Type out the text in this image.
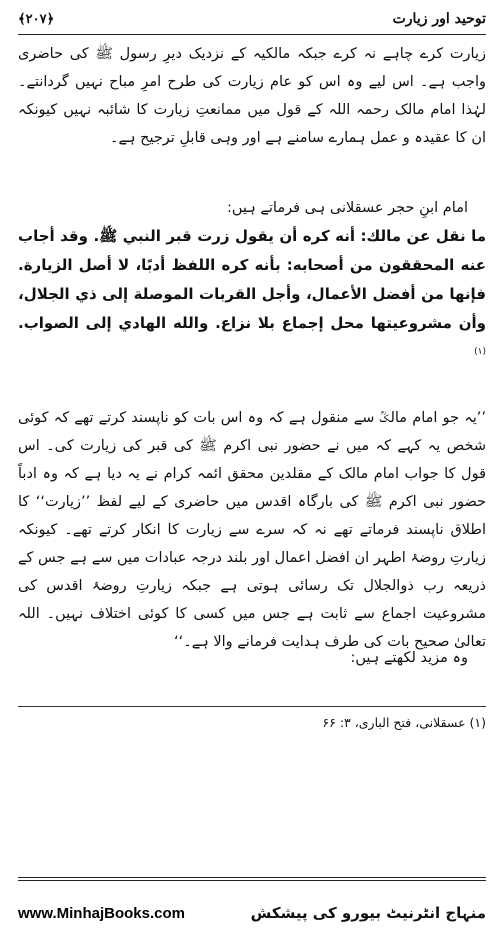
توحید اور زیارت
﴿۲۰۷﴾

زیارت کرے چاہے نہ کرے جبکہ مالکیہ کے نزدیک دیرِ رسول ﷺ کی حاضری واجب ہے۔ اس لیے وہ اس کو عام زیارت کی طرح امرِ مباح نہیں گردانتے۔ لہٰذا امام مالک رحمہ اللہ کے قول میں ممانعتِ زیارت کا شائبہ نہیں کیونکہ ان کا عقیدہ و عمل ہمارے سامنے ہے اور وہی قابلِ ترجیح ہے۔

امام ابنِ حجر عسقلانی ہی فرماتے ہیں:

ما نقل عن مالك: أنه كره أن يقول زرت قبر النبي ﷺ. وقد أجاب عنه المحققون من أصحابه: بأنه كره اللفظ أدبًا، لا أصل الزيارة. فإنها من أفضل الأعمال، وأجل القربات الموصلة إلى ذي الجلال، وأن مشروعيتها محل إجماع بلا نزاع. والله الهادي إلى الصواب. $^{(۱)}$

’’یہ جو امام مالکؒ سے منقول ہے کہ وہ اس بات کو ناپسند کرتے تھے کہ کوئی شخص یہ کہے کہ میں نے حضور نبی اکرم ﷺ کی قبر کی زیارت کی۔ اس قول کا جواب امام مالک کے مقلدین محقق ائمہ کرام نے یہ دیا ہے کہ وہ ادباً حضور نبی اکرم ﷺ کی بارگاہ اقدس میں حاضری کے لیے لفظ ’’زیارت‘‘ کا اطلاق ناپسند فرماتے تھے نہ کہ سرے سے زیارت کا انکار کرتے تھے۔ کیونکہ زیارتِ روضۂ اطہر ان افضل اعمال اور بلند درجہ عبادات میں سے ہے جس کے ذریعہ رب ذوالجلال تک رسائی ہوتی ہے جبکہ زیارتِ روضۂ اقدس کی مشروعیت اجماع سے ثابت ہے جس میں کسی کا کوئی اختلاف نہیں۔ اللہ تعالیٰ صحیح بات کی طرف ہدایت فرمانے والا ہے۔‘‘

وہ مزید لکھتے ہیں:

(۱) عسقلانی، فتح الباری، ۳: ۶۶
منہاج انٹرنیٹ بیورو کی پیشکش
www.MinhajBooks.com
